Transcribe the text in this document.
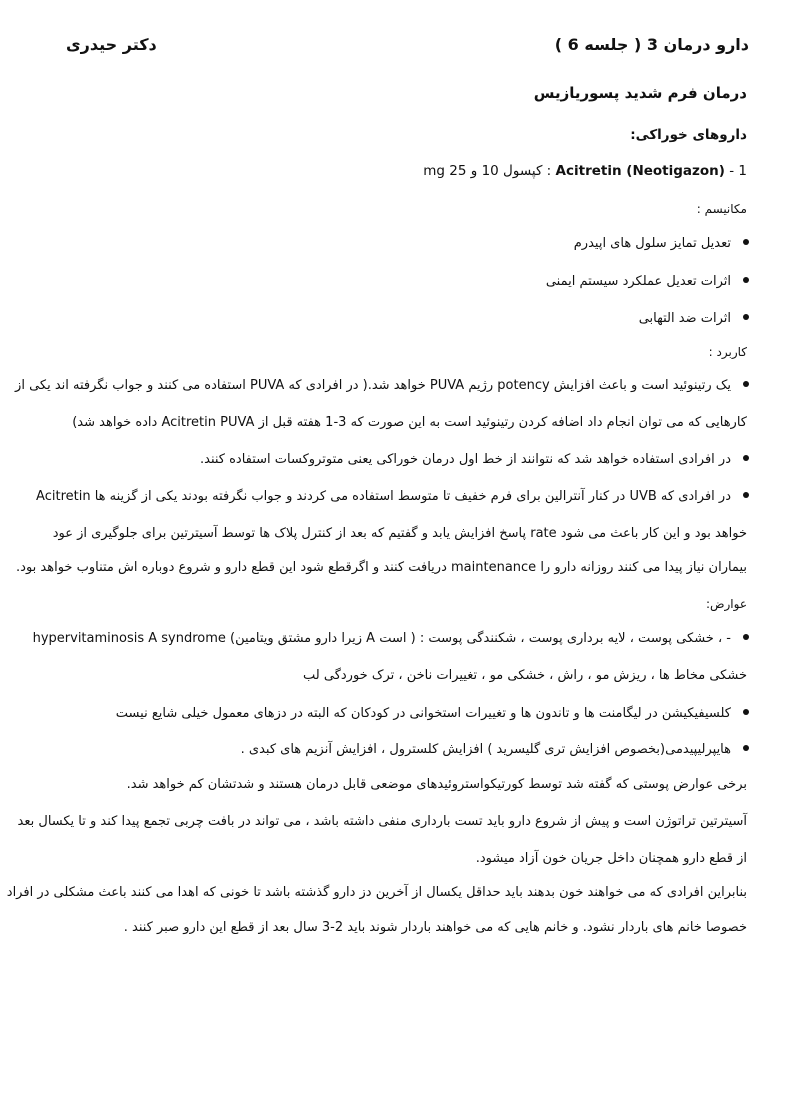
دارو درمان 3 ( جلسه 6 )
دکتر حیدری
درمان فرم شدید پسوریازیس
داروهای خوراکی:
1 - Acitretin (Neotigazon) : کپسول 10 و 25 mg
مکانیسم :
تعدیل تمایز سلول های اپیدرم
اثرات تعدیل عملکرد سیستم ایمنی
اثرات ضد التهابی
کاربرد :
یک رتینوئید است و باعث افزایش potency رژیم PUVA خواهد شد.( در افرادی که PUVA استفاده می کنند و جواب نگرفته اند یکی از
کارهایی که می توان انجام داد اضافه کردن رتینوئید است به این صورت که 3-1 هفته قبل از Acitretin PUVA داده خواهد شد)
در افرادی استفاده خواهد شد که نتوانند از خط اول درمان خوراکی یعنی متوتروکسات استفاده کنند.
در افرادی که UVB در کنار آنترالین برای فرم خفیف تا متوسط استفاده می کردند و جواب نگرفته بودند یکی از گزینه ها Acitretin
خواهد بود و این کار باعث می شود rate پاسخ افزایش یابد و گفتیم که بعد از کنترل پلاک ها توسط آسیترتین برای جلوگیری از عود
بیماران نیاز پیدا می کنند روزانه دارو را maintenance دریافت کنند و اگرقطع شود این قطع دارو و شروع دوباره اش متناوب خواهد بود.
عوارض:
hypervitaminosis A syndrome (زیرا دارو مشتق ویتامین A است ) : خشکی پوست ، لایه برداری پوست ، شکنندگی پوست ، -
خشکی مخاط ها ، ریزش مو ، راش ، خشکی مو ، تغییرات ناخن ، ترک خوردگی لب
کلسیفیکیشن در لیگامنت ها و تاندون ها و تغییرات استخوانی در کودکان که البته در دزهای معمول خیلی شایع نیست
هایپرلیپیدمی(بخصوص افزایش تری گلیسرید ) افزایش کلسترول ، افزایش آنزیم های کبدی .
برخی عوارض پوستی که گفته شد توسط کورتیکواستروئیدهای موضعی قابل درمان هستند و شدتشان کم خواهد شد.
آسیترتین تراتوژن است و پیش از شروع دارو باید تست بارداری منفی داشته باشد ، می تواند در بافت چربی تجمع پیدا کند و تا یکسال بعد
از قطع دارو همچنان داخل جریان خون آزاد میشود.
بنابراین افرادی که می خواهند خون بدهند باید حداقل یکسال از آخرین دز دارو گذشته باشد تا خونی که اهدا می کنند باعث مشکلی در افراد
خصوصا خانم های باردار نشود. و خانم هایی که می خواهند باردار شوند باید 2-3 سال بعد از قطع این دارو صبر کنند .
